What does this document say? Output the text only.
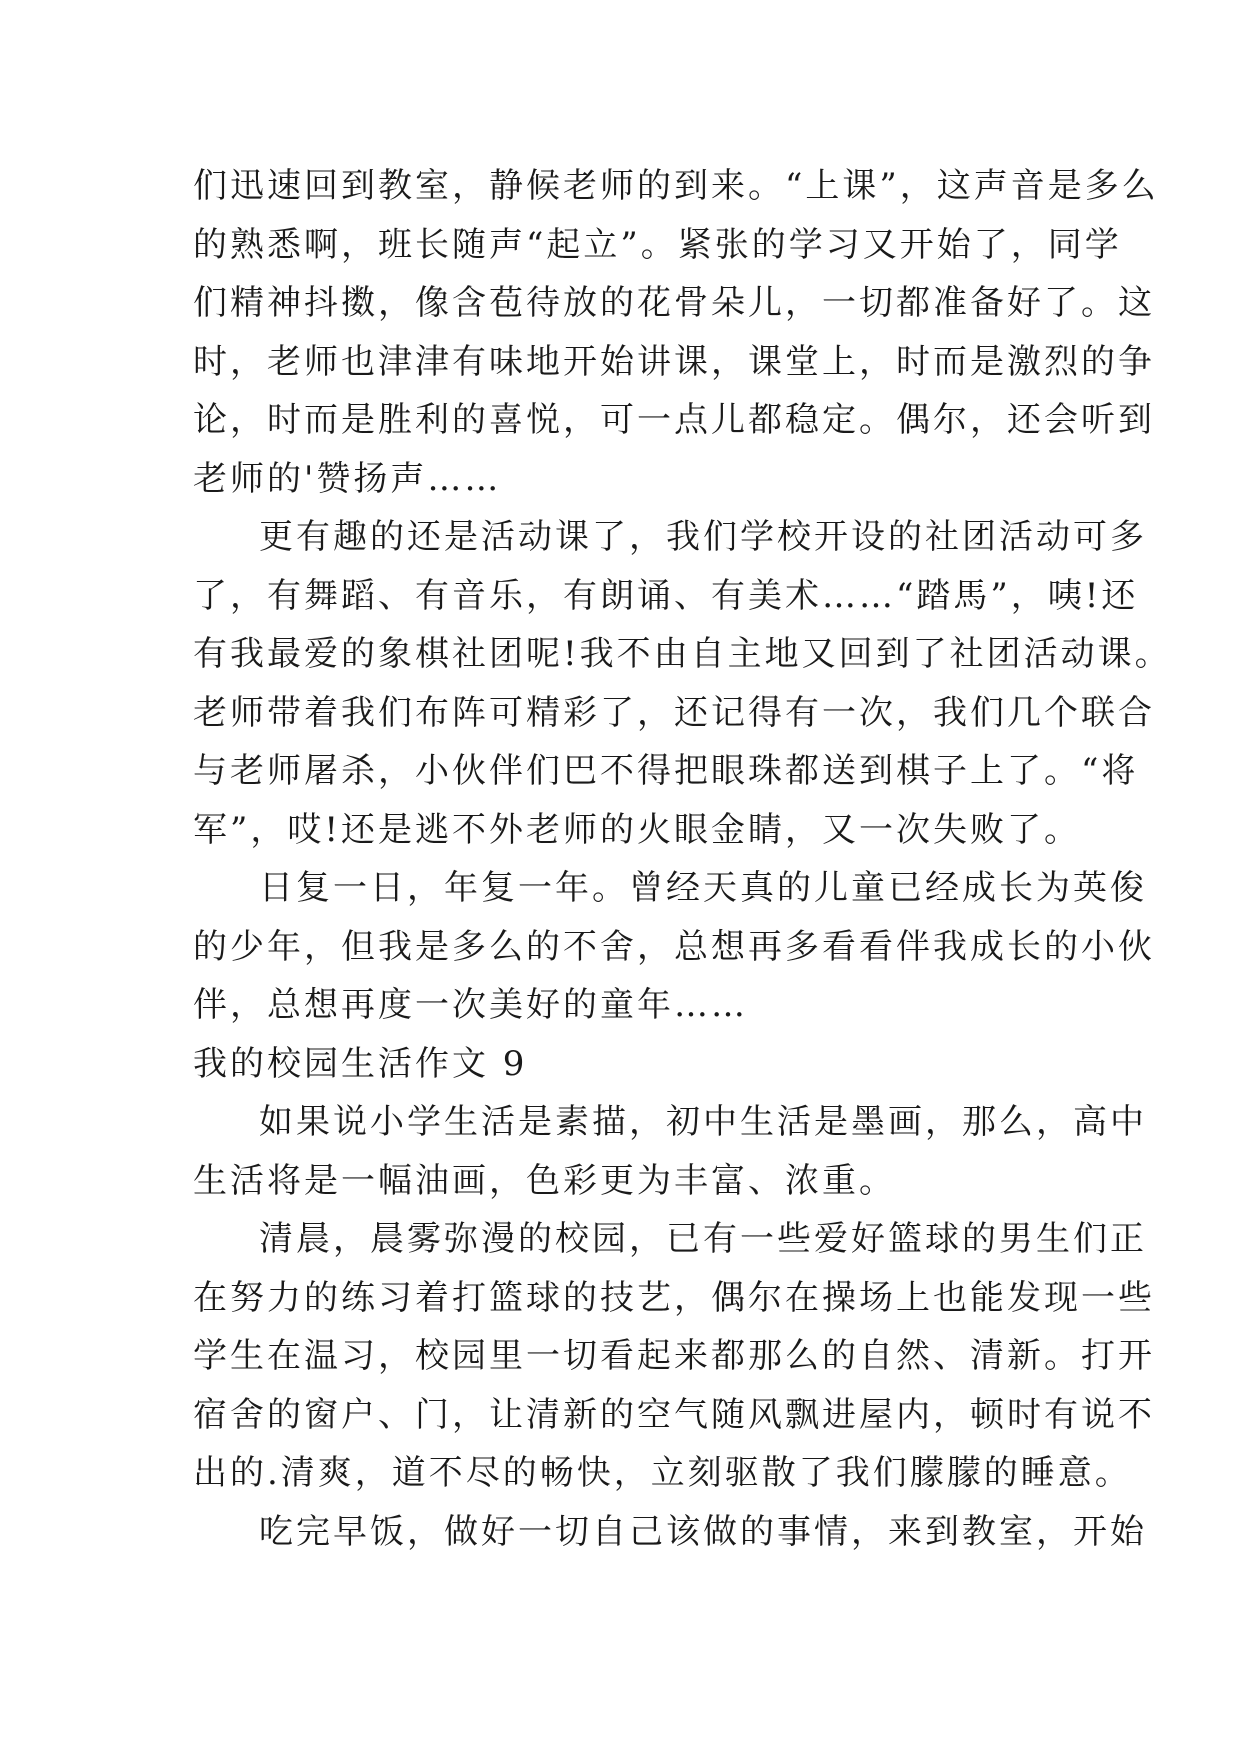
们迅速回到教室，静候老师的到来。“上课”，这声音是多么
的熟悉啊，班长随声“起立”。紧张的学习又开始了，同学
们精神抖擞，像含苞待放的花骨朵儿，一切都准备好了。这
时，老师也津津有味地开始讲课，课堂上，时而是激烈的争
论，时而是胜利的喜悦，可一点儿都稳定。偶尔，还会听到
老师的'赞扬声……
更有趣的还是活动课了，我们学校开设的社团活动可多
了，有舞蹈、有音乐，有朗诵、有美术……“踏馬”，咦!还
有我最爱的象棋社团呢!我不由自主地又回到了社团活动课。
老师带着我们布阵可精彩了，还记得有一次，我们几个联合
与老师屠杀，小伙伴们巴不得把眼珠都送到棋子上了。“将
军”，哎!还是逃不外老师的火眼金睛，又一次失败了。
日复一日，年复一年。曾经天真的儿童已经成长为英俊
的少年，但我是多么的不舍，总想再多看看伴我成长的小伙
伴，总想再度一次美好的童年……
我的校园生活作文 9
如果说小学生活是素描，初中生活是墨画，那么，高中
生活将是一幅油画，色彩更为丰富、浓重。
清晨，晨雾弥漫的校园，已有一些爱好篮球的男生们正
在努力的练习着打篮球的技艺，偶尔在操场上也能发现一些
学生在温习，校园里一切看起来都那么的自然、清新。打开
宿舍的窗户、门，让清新的空气随风飘进屋内，顿时有说不
出的.清爽，道不尽的畅快，立刻驱散了我们朦朦的睡意。
吃完早饭，做好一切自己该做的事情，来到教室，开始
